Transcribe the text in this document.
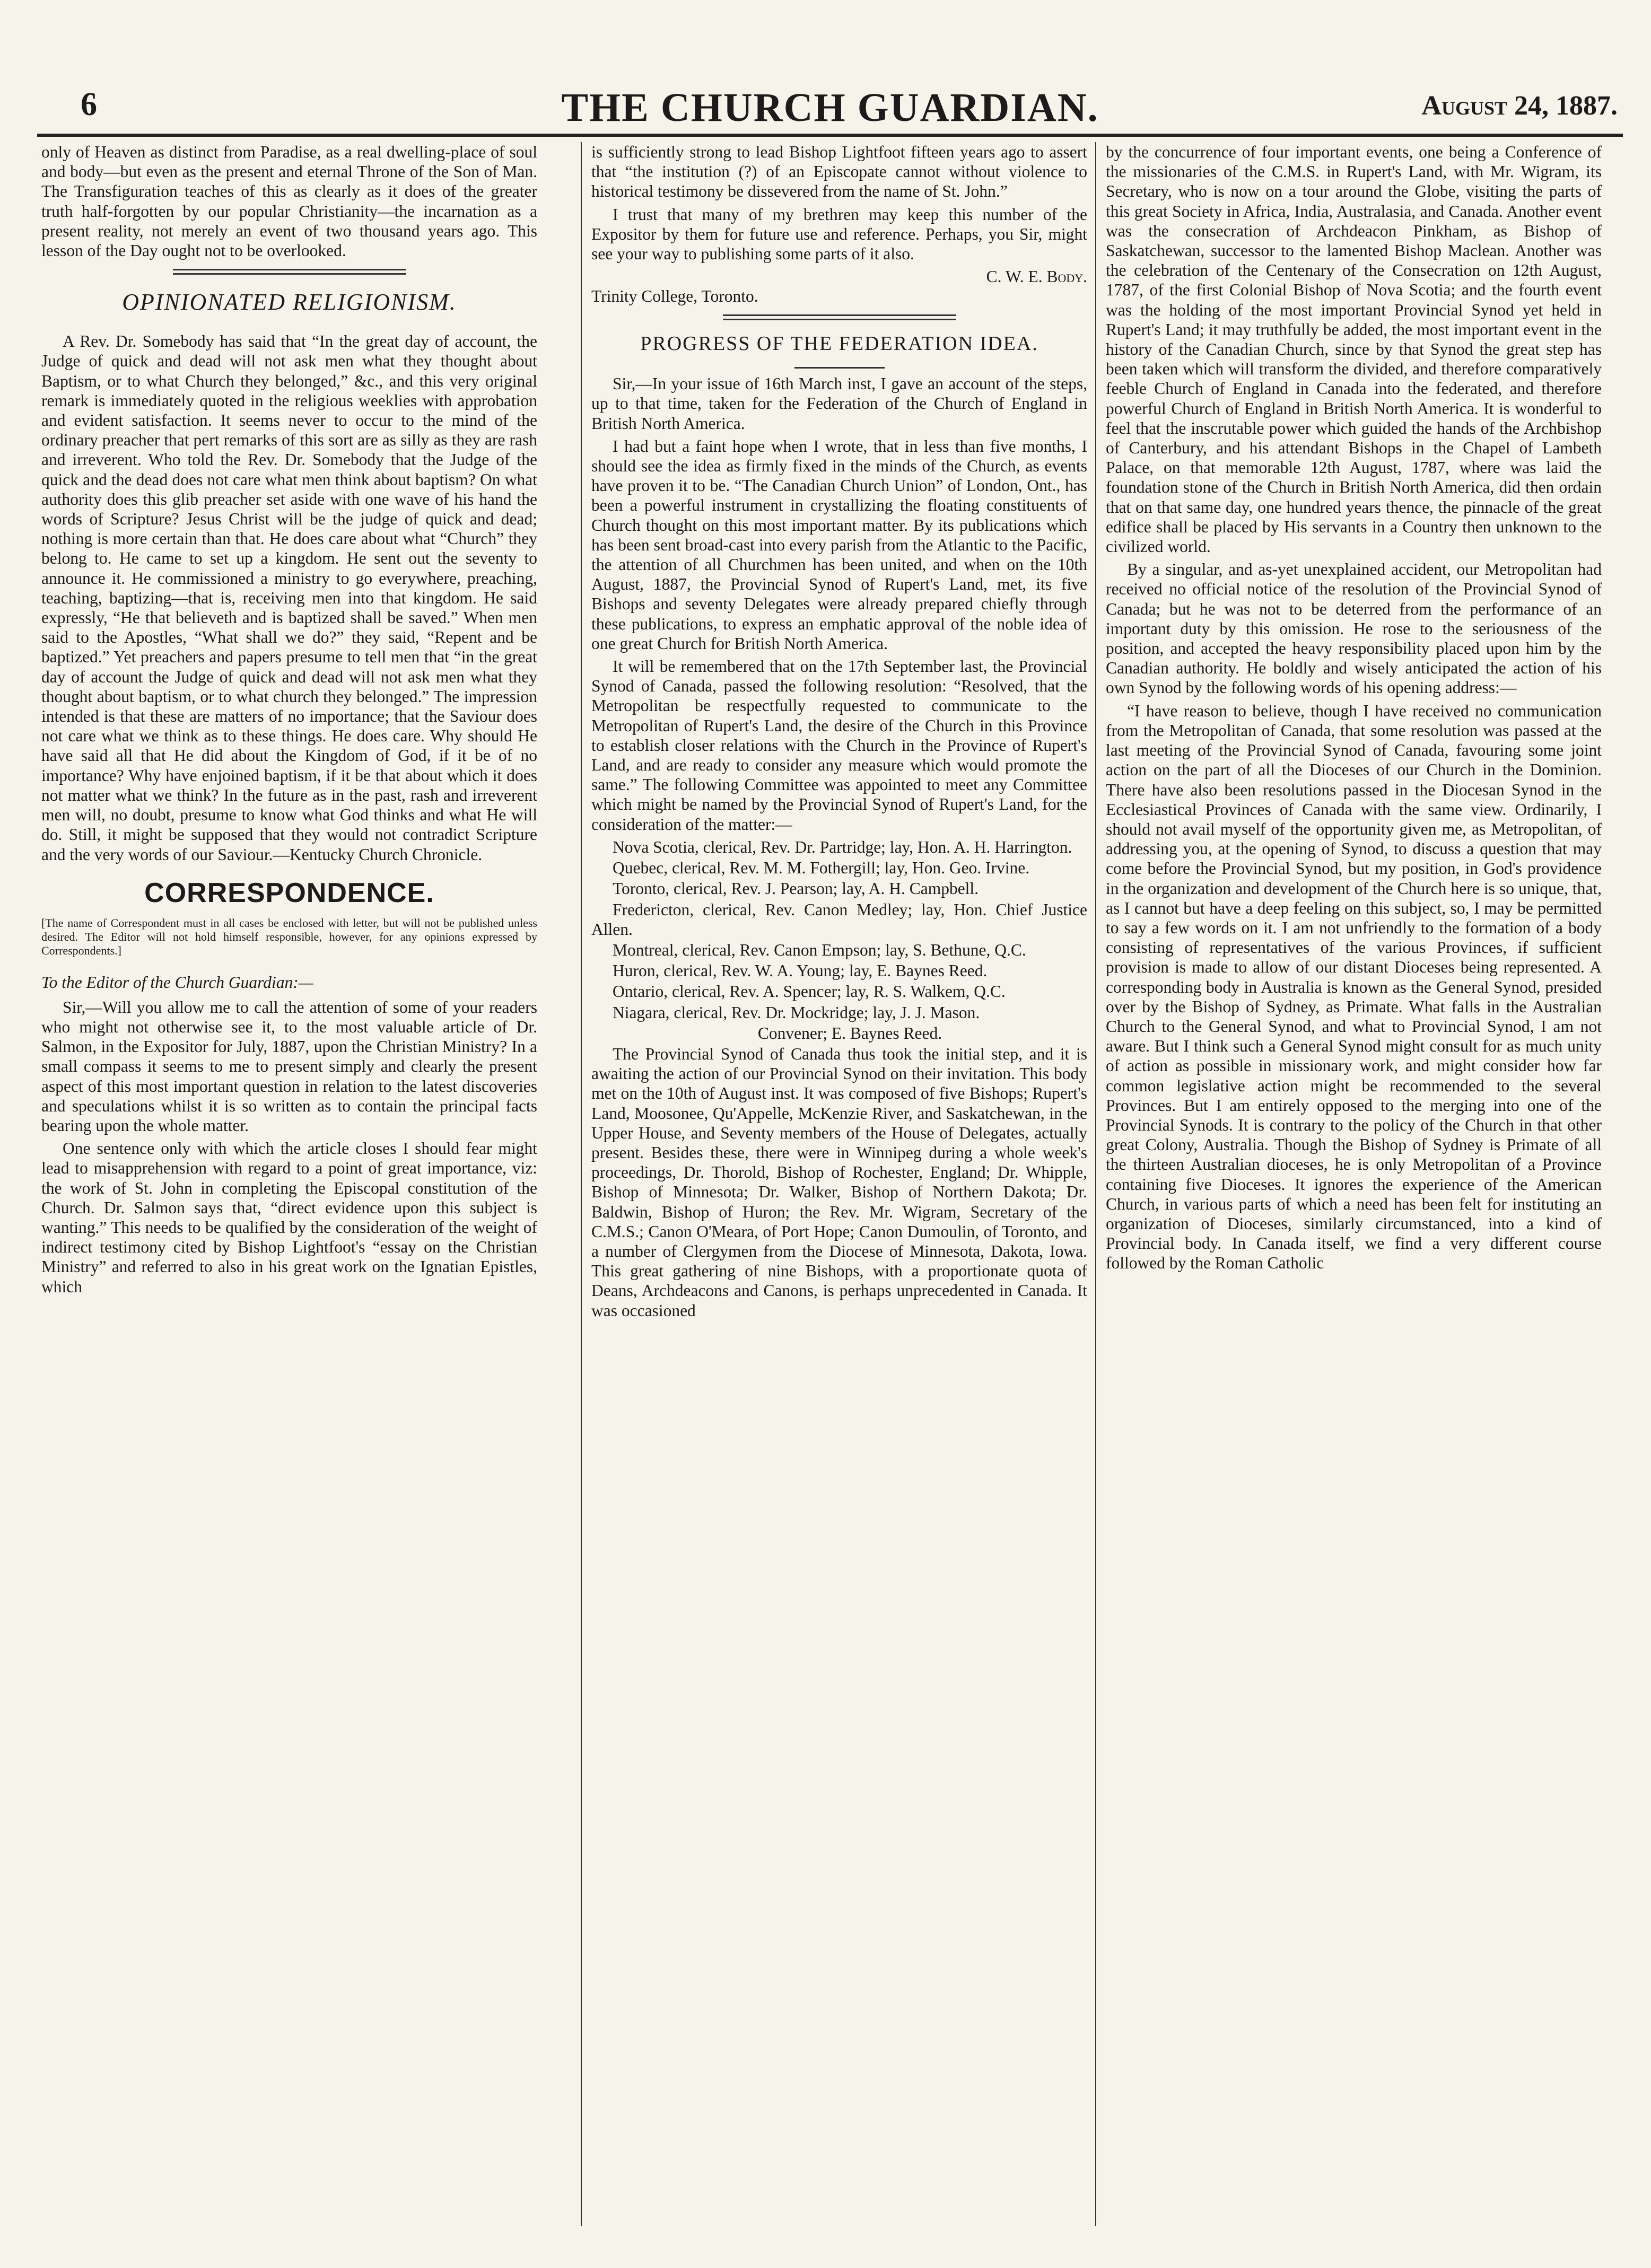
6	THE CHURCH GUARDIAN.	August 24, 1887.

only of Heaven as distinct from Paradise, as a real dwelling-place of soul and body—but even as the present and eternal Throne of the Son of Man. The Transfiguration teaches of this as clearly as it does of the greater truth half-forgotten by our popular Christianity—the incarnation as a present reality, not merely an event of two thousand years ago. This lesson of the Day ought not to be overlooked.

OPINIONATED RELIGIONISM.

A Rev. Dr. Somebody has said that “In the great day of account, the Judge of quick and dead will not ask men what they thought about Baptism, or to what Church they belonged,” &c., and this very original remark is immediately quoted in the religious weeklies with approbation and evident satisfaction. It seems never to occur to the mind of the ordinary preacher that pert remarks of this sort are as silly as they are rash and irreverent. Who told the Rev. Dr. Somebody that the Judge of the quick and the dead does not care what men think about baptism? On what authority does this glib preacher set aside with one wave of his hand the words of Scripture? Jesus Christ will be the judge of quick and dead; nothing is more certain than that. He does care about what “Church” they belong to. He came to set up a kingdom. He sent out the seventy to announce it. He commissioned a ministry to go everywhere, preaching, teaching, baptizing—that is, receiving men into that kingdom. He said expressly, “He that believeth and is baptized shall be saved.” When men said to the Apostles, “What shall we do?” they said, “Repent and be baptized.” Yet preachers and papers presume to tell men that “in the great day of account the Judge of quick and dead will not ask men what they thought about baptism, or to what church they belonged.” The impression intended is that these are matters of no importance; that the Saviour does not care what we think as to these things. He does care. Why should He have said all that He did about the Kingdom of God, if it be of no importance? Why have enjoined baptism, if it be that about which it does not matter what we think? In the future as in the past, rash and irreverent men will, no doubt, presume to know what God thinks and what He will do. Still, it might be supposed that they would not contradict Scripture and the very words of our Saviour.—Kentucky Church Chronicle.

CORRESPONDENCE.
[The name of Correspondent must in all cases be enclosed with letter, but will not be published unless desired. The Editor will not hold himself responsible, however, for any opinions expressed by Correspondents.]
To the Editor of the Church Guardian:—

Sir,—Will you allow me to call the attention of some of your readers who might not otherwise see it, to the most valuable article of Dr. Salmon, in the Expositor for July, 1887, upon the Christian Ministry? In a small compass it seems to me to present simply and clearly the present aspect of this most important question in relation to the latest discoveries and speculations whilst it is so written as to contain the principal facts bearing upon the whole matter.

One sentence only with which the article closes I should fear might lead to misapprehension with regard to a point of great importance, viz: the work of St. John in completing the Episcopal constitution of the Church. Dr. Salmon says that, “direct evidence upon this subject is wanting.” This needs to be qualified by the consideration of the weight of indirect testimony cited by Bishop Lightfoot's “essay on the Christian Ministry” and referred to also in his great work on the Ignatian Epistles, which

is sufficiently strong to lead Bishop Lightfoot fifteen years ago to assert that “the institution (?) of an Episcopate cannot without violence to historical testimony be dissevered from the name of St. John.”

I trust that many of my brethren may keep this number of the Expositor by them for future use and reference. Perhaps, you Sir, might see your way to publishing some parts of it also.

C. W. E. Body.
Trinity College, Toronto.
PROGRESS OF THE FEDERATION IDEA.

Sir,—In your issue of 16th March inst, I gave an account of the steps, up to that time, taken for the Federation of the Church of England in British North America.

I had but a faint hope when I wrote, that in less than five months, I should see the idea as firmly fixed in the minds of the Church, as events have proven it to be. “The Canadian Church Union” of London, Ont., has been a powerful instrument in crystallizing the floating constituents of Church thought on this most important matter. By its publications which has been sent broad-cast into every parish from the Atlantic to the Pacific, the attention of all Churchmen has been united, and when on the 10th August, 1887, the Provincial Synod of Rupert's Land, met, its five Bishops and seventy Delegates were already prepared chiefly through these publications, to express an emphatic approval of the noble idea of one great Church for British North America.

It will be remembered that on the 17th September last, the Provincial Synod of Canada, passed the following resolution: “Resolved, that the Metropolitan be respectfully requested to communicate to the Metropolitan of Rupert's Land, the desire of the Church in this Province to establish closer relations with the Church in the Province of Rupert's Land, and are ready to consider any measure which would promote the same.” The following Committee was appointed to meet any Committee which might be named by the Provincial Synod of Rupert's Land, for the consideration of the matter:—

Nova Scotia, clerical, Rev. Dr. Partridge; lay, Hon. A. H. Harrington.

Quebec, clerical, Rev. M. M. Fothergill; lay, Hon. Geo. Irvine.

Toronto, clerical, Rev. J. Pearson; lay, A. H. Campbell.

Fredericton, clerical, Rev. Canon Medley; lay, Hon. Chief Justice Allen.

Montreal, clerical, Rev. Canon Empson; lay, S. Bethune, Q.C.

Huron, clerical, Rev. W. A. Young; lay, E. Baynes Reed.

Ontario, clerical, Rev. A. Spencer; lay, R. S. Walkem, Q.C.

Niagara, clerical, Rev. Dr. Mockridge; lay, J. J. Mason.

Convener; E. Baynes Reed.

The Provincial Synod of Canada thus took the initial step, and it is awaiting the action of our Provincial Synod on their invitation. This body met on the 10th of August inst. It was composed of five Bishops; Rupert's Land, Moosonee, Qu'Appelle, McKenzie River, and Saskatchewan, in the Upper House, and Seventy members of the House of Delegates, actually present. Besides these, there were in Winnipeg during a whole week's proceedings, Dr. Thorold, Bishop of Rochester, England; Dr. Whipple, Bishop of Minnesota; Dr. Walker, Bishop of Northern Dakota; Dr. Baldwin, Bishop of Huron; the Rev. Mr. Wigram, Secretary of the C.M.S.; Canon O'Meara, of Port Hope; Canon Dumoulin, of Toronto, and a number of Clergymen from the Diocese of Minnesota, Dakota, Iowa. This great gathering of nine Bishops, with a proportionate quota of Deans, Archdeacons and Canons, is perhaps unprecedented in Canada. It was occasioned

by the concurrence of four important events, one being a Conference of the missionaries of the C.M.S. in Rupert's Land, with Mr. Wigram, its Secretary, who is now on a tour around the Globe, visiting the parts of this great Society in Africa, India, Australasia, and Canada. Another event was the consecration of Archdeacon Pinkham, as Bishop of Saskatchewan, successor to the lamented Bishop Maclean. Another was the celebration of the Centenary of the Consecration on 12th August, 1787, of the first Colonial Bishop of Nova Scotia; and the fourth event was the holding of the most important Provincial Synod yet held in Rupert's Land; it may truthfully be added, the most important event in the history of the Canadian Church, since by that Synod the great step has been taken which will transform the divided, and therefore comparatively feeble Church of England in Canada into the federated, and therefore powerful Church of England in British North America. It is wonderful to feel that the inscrutable power which guided the hands of the Archbishop of Canterbury, and his attendant Bishops in the Chapel of Lambeth Palace, on that memorable 12th August, 1787, where was laid the foundation stone of the Church in British North America, did then ordain that on that same day, one hundred years thence, the pinnacle of the great edifice shall be placed by His servants in a Country then unknown to the civilized world.

By a singular, and as-yet unexplained accident, our Metropolitan had received no official notice of the resolution of the Provincial Synod of Canada; but he was not to be deterred from the performance of an important duty by this omission. He rose to the seriousness of the position, and accepted the heavy responsibility placed upon him by the Canadian authority. He boldly and wisely anticipated the action of his own Synod by the following words of his opening address:—

“I have reason to believe, though I have received no communication from the Metropolitan of Canada, that some resolution was passed at the last meeting of the Provincial Synod of Canada, favouring some joint action on the part of all the Dioceses of our Church in the Dominion. There have also been resolutions passed in the Diocesan Synod in the Ecclesiastical Provinces of Canada with the same view. Ordinarily, I should not avail myself of the opportunity given me, as Metropolitan, of addressing you, at the opening of Synod, to discuss a question that may come before the Provincial Synod, but my position, in God's providence in the organization and development of the Church here is so unique, that, as I cannot but have a deep feeling on this subject, so, I may be permitted to say a few words on it. I am not unfriendly to the formation of a body consisting of representatives of the various Provinces, if sufficient provision is made to allow of our distant Dioceses being represented. A corresponding body in Australia is known as the General Synod, presided over by the Bishop of Sydney, as Primate. What falls in the Australian Church to the General Synod, and what to Provincial Synod, I am not aware. But I think such a General Synod might consult for as much unity of action as possible in missionary work, and might consider how far common legislative action might be recommended to the several Provinces. But I am entirely opposed to the merging into one of the Provincial Synods. It is contrary to the policy of the Church in that other great Colony, Australia. Though the Bishop of Sydney is Primate of all the thirteen Australian dioceses, he is only Metropolitan of a Province containing five Dioceses. It ignores the experience of the American Church, in various parts of which a need has been felt for instituting an organization of Dioceses, similarly circumstanced, into a kind of Provincial body. In Canada itself, we find a very different course followed by the Roman Catholic
